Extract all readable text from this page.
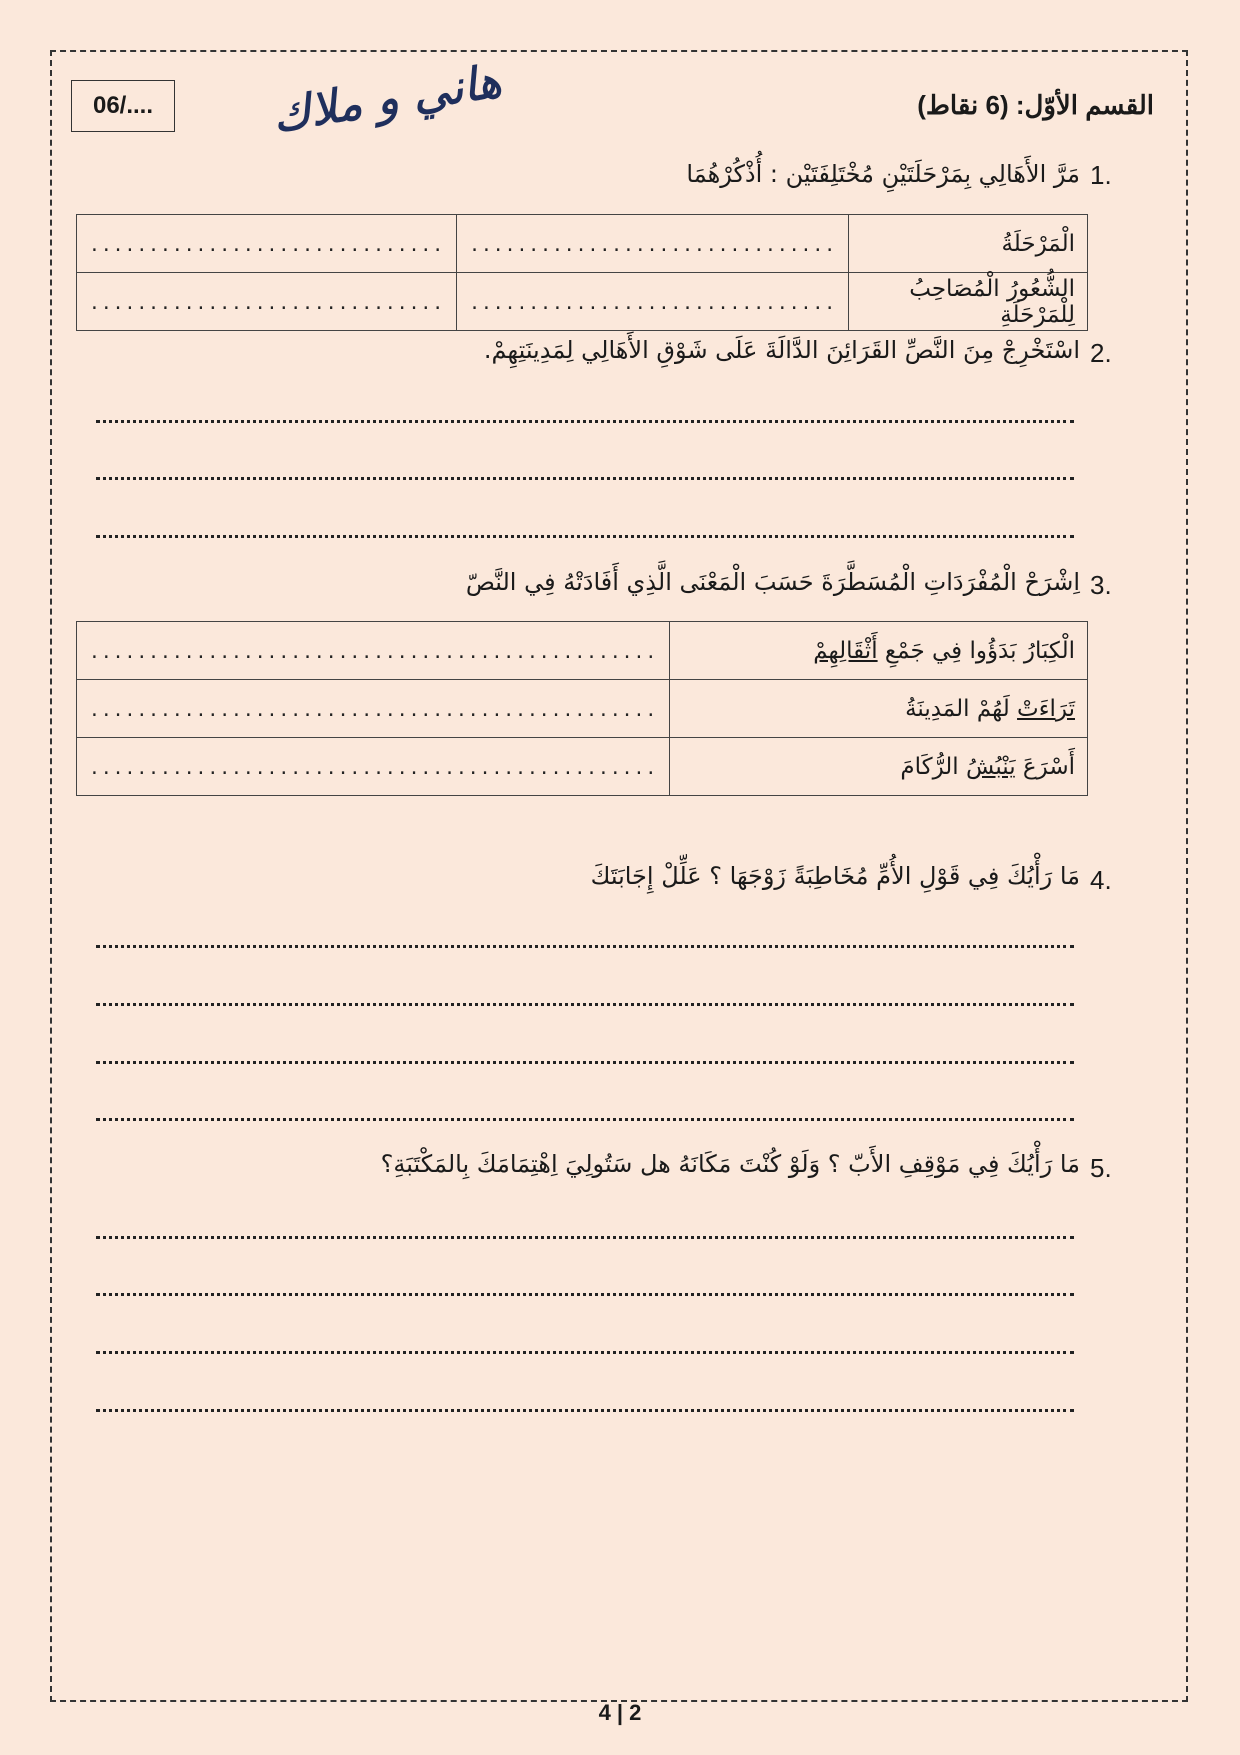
06/....	هاني و ملاك	القسم الأوّل: (6 نقاط)
1.
مَرَّ الأَهَالِي بِمَرْحَلَتَيْنِ مُخْتَلِفَتَيْن : أُذْكُرْهُمَا
الْمَرْحَلَةُ	...............................	..............................
الشُّعُورُ الْمُصَاحِبُ لِلْمَرْحَلَةِ	...............................	..............................
2.
اسْتَخْرِجْ مِنَ النَّصِّ القَرَائِنَ الدَّالَةَ عَلَى شَوْقِ الأَهَالِي لِمَدِينَتِهِمْ.
3.
اِشْرَحْ الْمُفْرَدَاتِ الْمُسَطَّرَةَ حَسَبَ الْمَعْنَى الَّذِي أَفَادَتْهُ فِي النَّصّ
الْكِبَارُ بَدَؤُوا فِي جَمْعِ أَثْقَالِهِمْ	................................................
تَرَاءَتْ لَهُمْ المَدِينَةُ	................................................
أَسْرَعَ يَنْبُشُ الرُّكَامَ	................................................
4.
مَا رَأْيُكَ فِي قَوْلِ الأُمِّ مُخَاطِبَةً زَوْجَهَا ؟ عَلِّلْ إِجَابَتَكَ
5.
مَا رَأْيُكَ فِي مَوْقِفِ الأَبّ ؟ وَلَوْ كُنْتَ مَكَانَهُ هل سَتُولِيَ اِهْتِمَامَكَ بِالمَكْتَبَةِ؟
4 | 2
